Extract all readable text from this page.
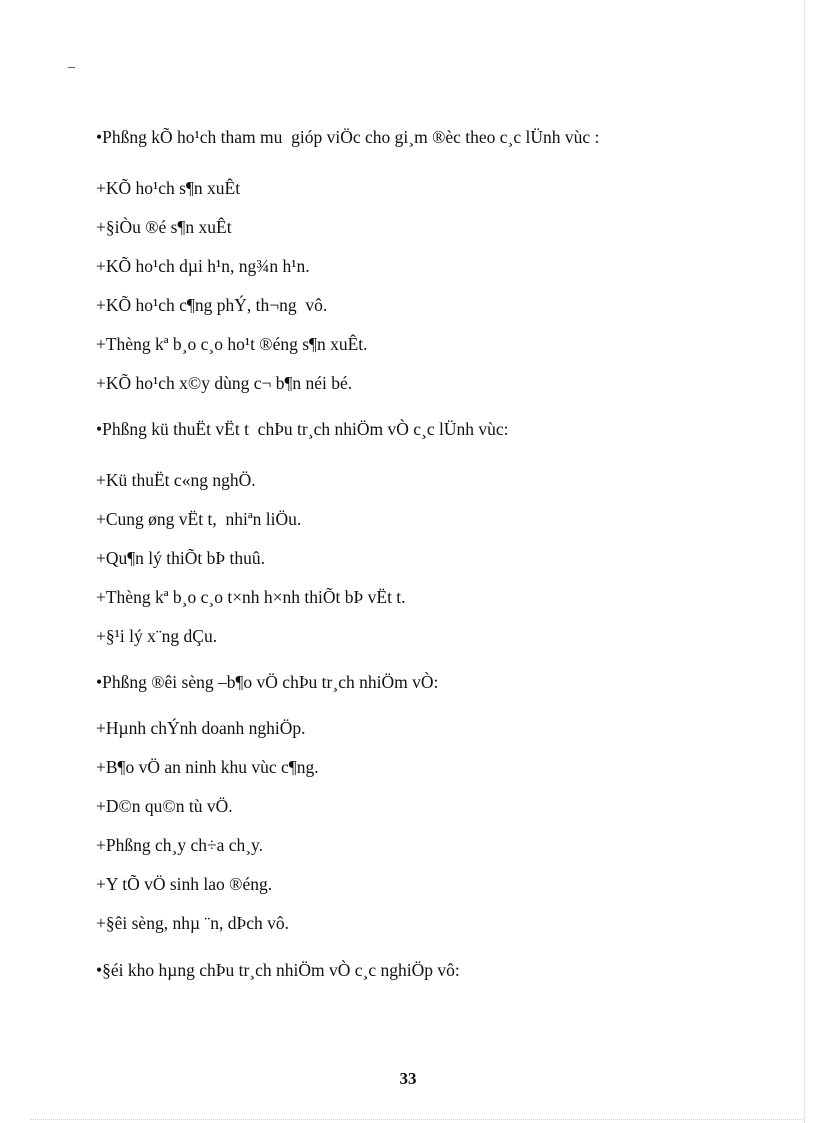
_
•Phßng kÕ ho¹ch tham mu  gióp viÖc cho gi¸m ®èc theo c¸c lÜnh vùc :
+KÕ ho¹ch s¶n xuÊt
+§iÒu ®é s¶n xuÊt
+KÕ ho¹ch dµi h¹n, ng¾n h¹n.
+KÕ ho¹ch c¶ng phÝ, th¬ng  vô.
+Thèng kª b¸o c¸o ho¹t ®éng s¶n xuÊt.
+KÕ ho¹ch x©y dùng c¬ b¶n néi bé.
•Phßng kü thuËt vËt t  chÞu tr¸ch nhiÖm vÒ c¸c lÜnh vùc:
+Kü thuËt c«ng nghÖ.
+Cung øng vËt t,  nhiªn liÖu.
+Qu¶n lý thiÕt bÞ thuû.
+Thèng kª b¸o c¸o t×nh h×nh thiÕt bÞ vËt t.
+§¹i lý x¨ng dÇu.
•Phßng ®êi sèng –b¶o vÖ chÞu tr¸ch nhiÖm vÒ:
+Hµnh chÝnh doanh nghiÖp.
+B¶o vÖ an ninh khu vùc c¶ng.
+D©n qu©n tù vÖ.
+Phßng ch¸y ch÷a ch¸y.
+Y tÕ vÖ sinh lao ®éng.
+§êi sèng, nhµ ¨n, dÞch vô.
•§éi kho hµng chÞu tr¸ch nhiÖm vÒ c¸c nghiÖp vô:
33
